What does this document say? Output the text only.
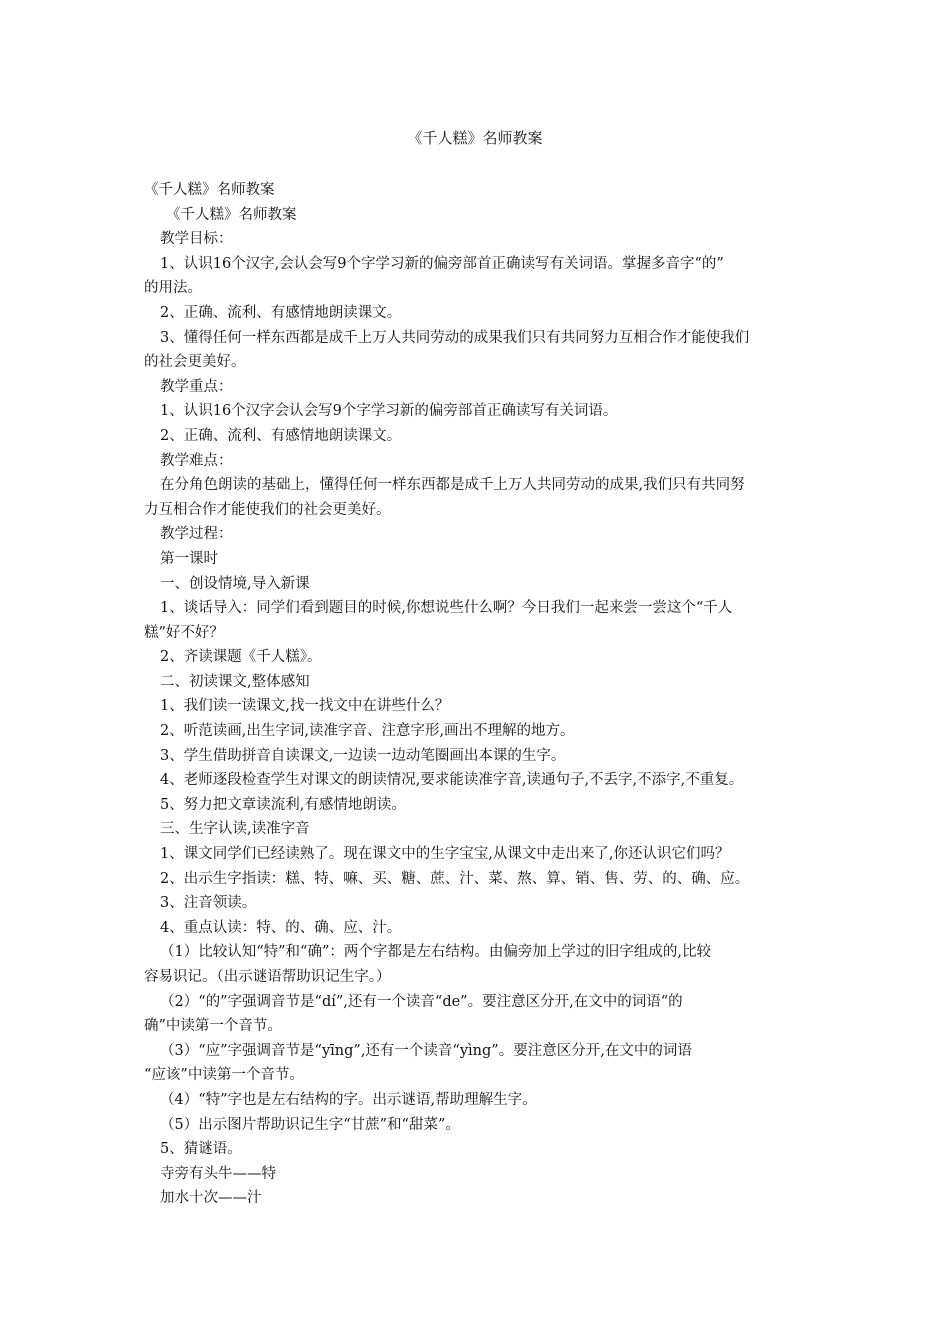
《千人糕》名师教案
《千人糕》名师教案
《千人糕》名师教案
教学目标：
1、认识16个汉字,会认会写9个字学习新的偏旁部首正确读写有关词语。掌握多音字“的”
的用法。
2、正确、流利、有感情地朗读课文。
3、懂得任何一样东西都是成千上万人共同劳动的成果我们只有共同努力互相合作才能使我们
的社会更美好。
教学重点：
1、认识16个汉字会认会写9个字学习新的偏旁部首正确读写有关词语。
2、正确、流利、有感情地朗读课文。
教学难点：
在分角色朗读的基础上，懂得任何一样东西都是成千上万人共同劳动的成果,我们只有共同努
力互相合作才能使我们的社会更美好。
教学过程：
第一课时
一、创设情境,导入新课
1、谈话导入：同学们看到题目的时候,你想说些什么啊？今日我们一起来尝一尝这个“千人
糕”好不好？
2、齐读课题《千人糕》。
二、初读课文,整体感知
1、我们读一读课文,找一找文中在讲些什么？
2、听范读画,出生字词,读准字音、注意字形,画出不理解的地方。
3、学生借助拼音自读课文,一边读一边动笔圈画出本课的生字。
4、老师逐段检查学生对课文的朗读情况,要求能读准字音,读通句子,不丢字,不添字,不重复。
5、努力把文章读流利,有感情地朗读。
三、生字认读,读准字音
1、课文同学们已经读熟了。现在课文中的生字宝宝,从课文中走出来了,你还认识它们吗？
2、出示生字指读：糕、特、嘛、买、糖、蔗、汁、菜、熬、算、销、售、劳、的、确、应。
3、注音领读。
4、重点认读：特、的、确、应、汁。
（1）比较认知“特”和“确”：两个字都是左右结构。由偏旁加上学过的旧字组成的,比较
容易识记。（出示谜语帮助识记生字。）
（2）“的”字强调音节是“dí”,还有一个读音“de”。要注意区分开,在文中的词语“的
确”中读第一个音节。
（3）“应”字强调音节是“yīng”,还有一个读音“yìng”。要注意区分开,在文中的词语
“应该”中读第一个音节。
（4）“特”字也是左右结构的字。出示谜语,帮助理解生字。
（5）出示图片帮助识记生字“甘蔗”和“甜菜”。
5、猜谜语。
寺旁有头牛——特
加水十次——汁
